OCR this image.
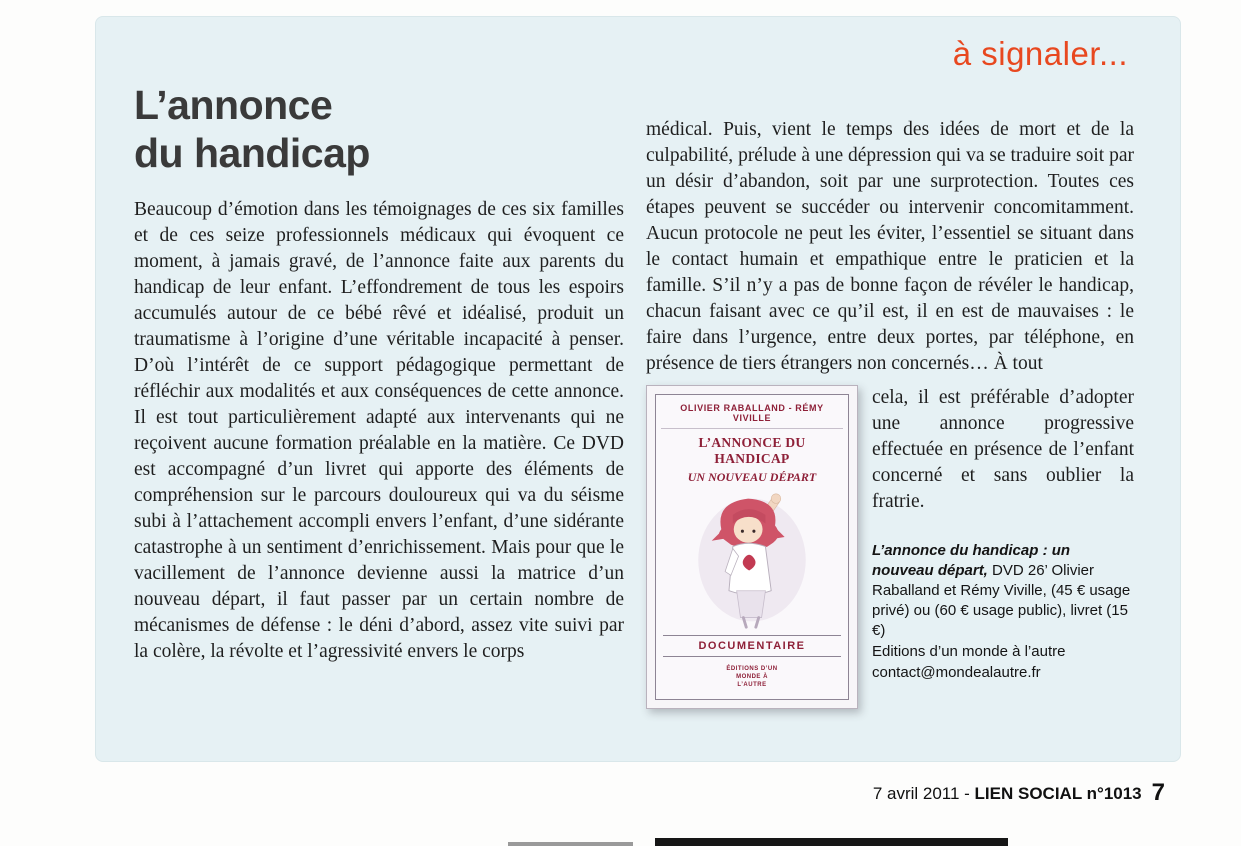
à signaler...
L’annonce
du handicap

Beaucoup d’émotion dans les témoignages de ces six familles et de ces seize professionnels médicaux qui évoquent ce moment, à jamais gravé, de l’annonce faite aux parents du handicap de leur enfant. L’effondrement de tous les espoirs accumulés autour de ce bébé rêvé et idéalisé, produit un traumatisme à l’origine d’une véritable incapacité à penser. D’où l’intérêt de ce support pédagogique permettant de réfléchir aux modalités et aux conséquences de cette annonce. Il est tout particulièrement adapté aux intervenants qui ne reçoivent aucune formation préalable en la matière. Ce DVD est accompagné d’un livret qui apporte des éléments de compréhension sur le parcours douloureux qui va du séisme subi à l’attachement accompli envers l’enfant, d’une sidérante catastrophe à un sentiment d’enrichissement. Mais pour que le vacillement de l’annonce devienne aussi la matrice d’un nouveau départ, il faut passer par un certain nombre de mécanismes de défense : le déni d’abord, assez vite suivi par la colère, la révolte et l’agressivité envers le corps

médical. Puis, vient le temps des idées de mort et de la culpabilité, prélude à une dépression qui va se traduire soit par un désir d’abandon, soit par une surprotection. Toutes ces étapes peuvent se succéder ou intervenir concomitamment. Aucun protocole ne peut les éviter, l’essentiel se situant dans le contact humain et empathique entre le praticien et la famille. S’il n’y a pas de bonne façon de révéler le handicap, chacun faisant avec ce qu’il est, il en est de mauvaises : le faire dans l’urgence, entre deux portes, par téléphone, en présence de tiers étrangers non concernés… À tout

OLIVIER RABALLAND - RÉMY VIVILLE
L’ANNONCE DU HANDICAP
UN NOUVEAU DÉPART
DOCUMENTAIRE
ÉDITIONS D’UN MONDE À L’AUTRE

cela, il est préférable d’adopter une annonce progressive effectuée en présence de l’enfant concerné et sans oublier la fratrie.

L’annonce du handicap : un nouveau départ, DVD 26’ Olivier Raballand et Rémy Viville, (45 € usage privé) ou (60 € usage public), livret (15 €)
Editions d’un monde à l’autre
contact@mondealautre.fr
7 avril 2011 - LIEN SOCIAL n°1013 7
